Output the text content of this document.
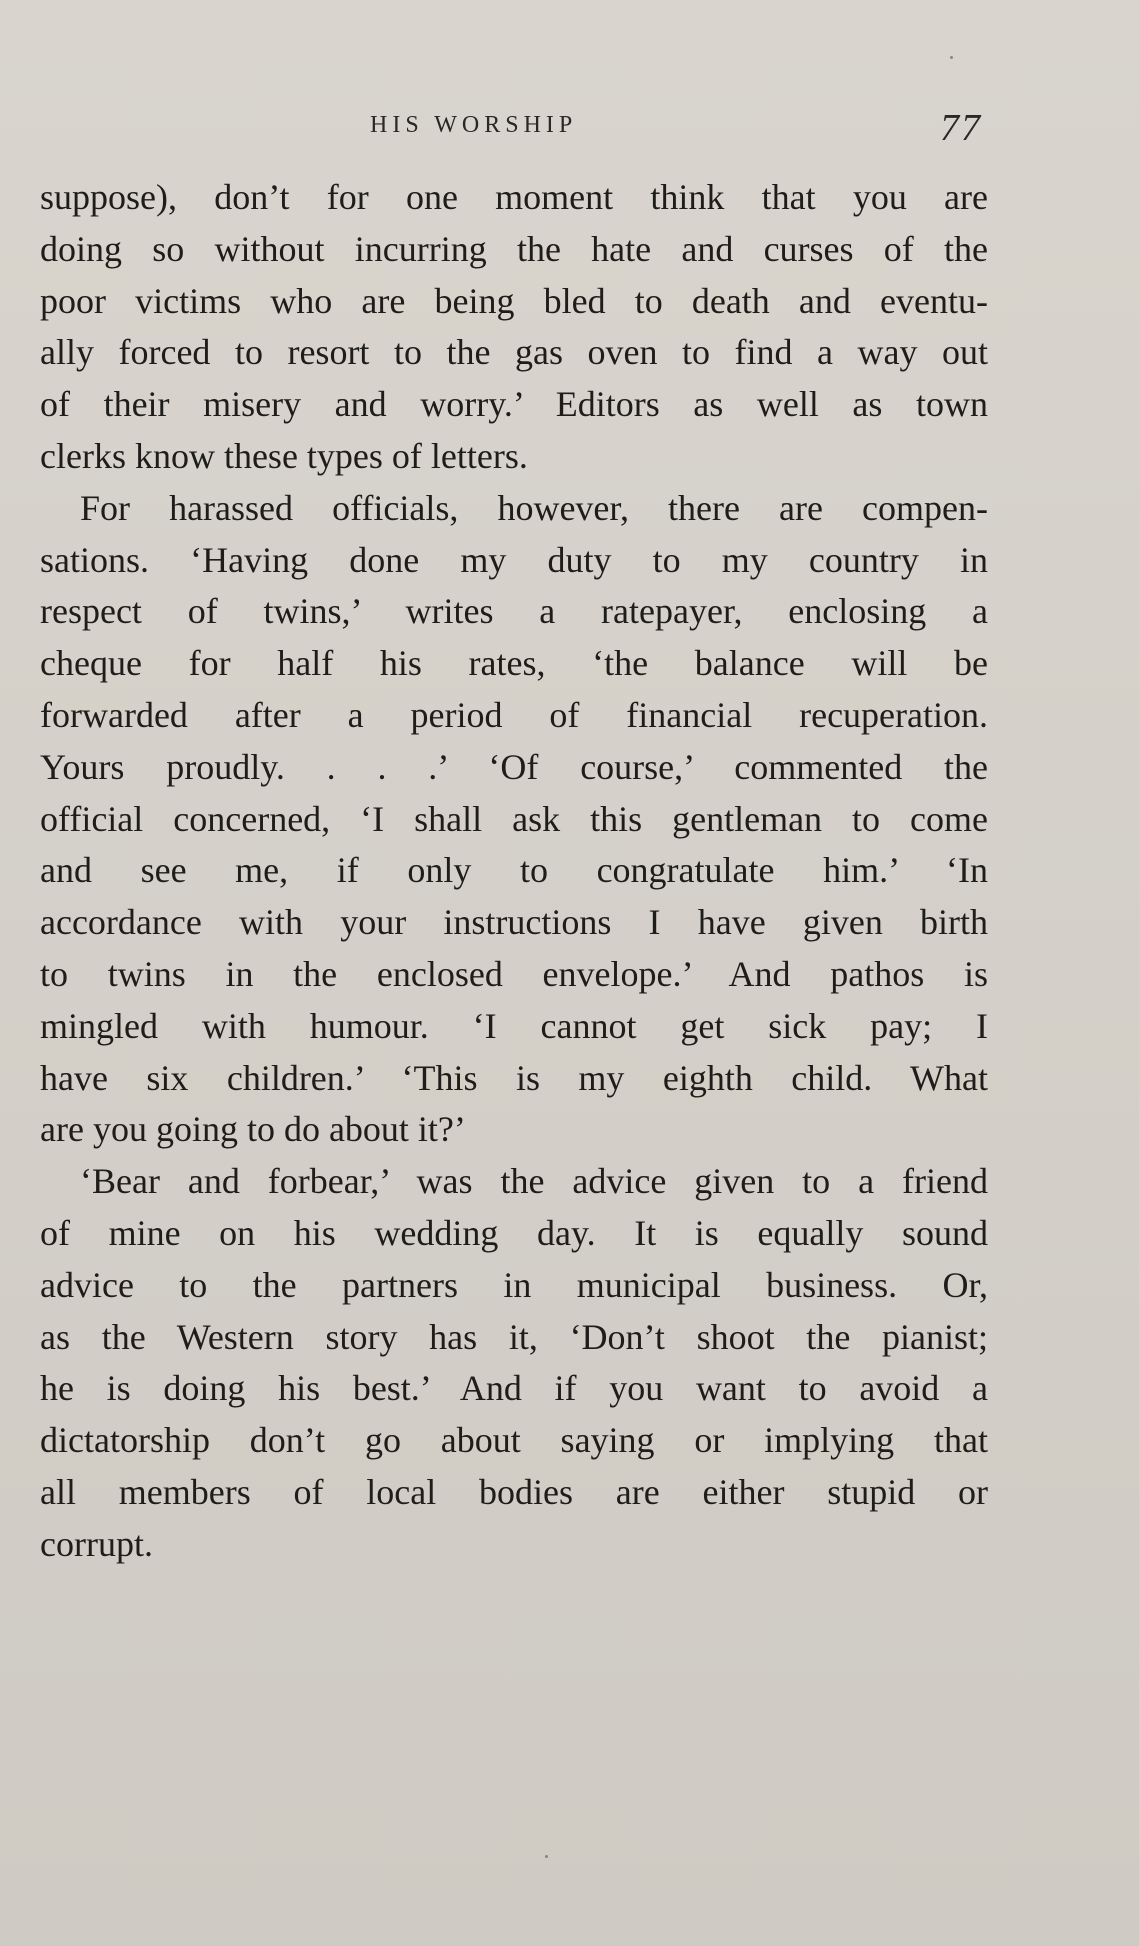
HIS WORSHIP	77
suppose), don’t for one moment think that you are
doing so without incurring the hate and curses of the
poor victims who are being bled to death and eventu-
ally forced to resort to the gas oven to find a way out
of their misery and worry.’ Editors as well as town
clerks know these types of letters.
For harassed officials, however, there are compen-
sations. ‘Having done my duty to my country in
respect of twins,’ writes a ratepayer, enclosing a
cheque for half his rates, ‘the balance will be
forwarded after a period of financial recuperation.
Yours proudly. . . .’ ‘Of course,’ commented the
official concerned, ‘I shall ask this gentleman to come
and see me, if only to congratulate him.’ ‘In
accordance with your instructions I have given birth
to twins in the enclosed envelope.’ And pathos is
mingled with humour. ‘I cannot get sick pay; I
have six children.’ ‘This is my eighth child. What
are you going to do about it?’
‘Bear and forbear,’ was the advice given to a friend
of mine on his wedding day. It is equally sound
advice to the partners in municipal business. Or,
as the Western story has it, ‘Don’t shoot the pianist;
he is doing his best.’ And if you want to avoid a
dictatorship don’t go about saying or implying that
all members of local bodies are either stupid or
corrupt.
